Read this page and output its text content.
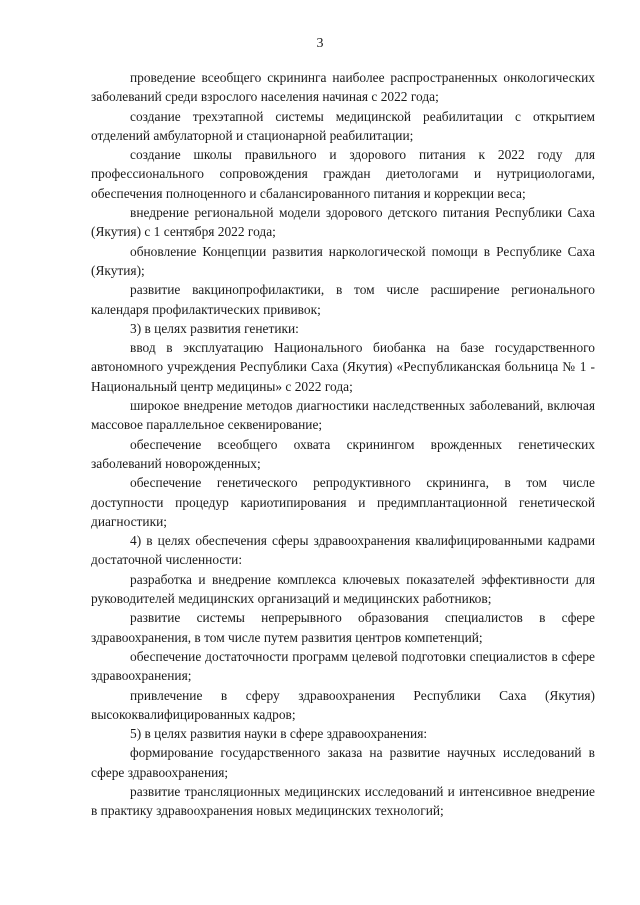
3

проведение всеобщего скрининга наиболее распространенных онкологических заболеваний среди взрослого населения начиная с 2022 года;

создание трехэтапной системы медицинской реабилитации с открытием отделений амбулаторной и стационарной реабилитации;

создание школы правильного и здорового питания к 2022 году для профессионального сопровождения граждан диетологами и нутрициологами, обеспечения полноценного и сбалансированного питания и коррекции веса;

внедрение региональной модели здорового детского питания Республики Саха (Якутия) с 1 сентября 2022 года;

обновление Концепции развития наркологической помощи в Республике Саха (Якутия);

развитие вакцинопрофилактики, в том числе расширение регионального календаря профилактических прививок;

3) в целях развития генетики:

ввод в эксплуатацию Национального биобанка на базе государственного автономного учреждения Республики Саха (Якутия) «Республиканская больница № 1 - Национальный центр медицины» с 2022 года;

широкое внедрение методов диагностики наследственных заболеваний, включая массовое параллельное секвенирование;

обеспечение всеобщего охвата скринингом врожденных генетических заболеваний новорожденных;

обеспечение генетического репродуктивного скрининга, в том числе доступности процедур кариотипирования и предимплантационной генетической диагностики;

4) в целях обеспечения сферы здравоохранения квалифицированными кадрами достаточной численности:

разработка и внедрение комплекса ключевых показателей эффективности для руководителей медицинских организаций и медицинских работников;

развитие системы непрерывного образования специалистов в сфере здравоохранения, в том числе путем развития центров компетенций;

обеспечение достаточности программ целевой подготовки специалистов в сфере здравоохранения;

привлечение в сферу здравоохранения Республики Саха (Якутия) высококвалифицированных кадров;

5) в целях развития науки в сфере здравоохранения:

формирование государственного заказа на развитие научных исследований в сфере здравоохранения;

развитие трансляционных медицинских исследований и интенсивное внедрение в практику здравоохранения новых медицинских технологий;
